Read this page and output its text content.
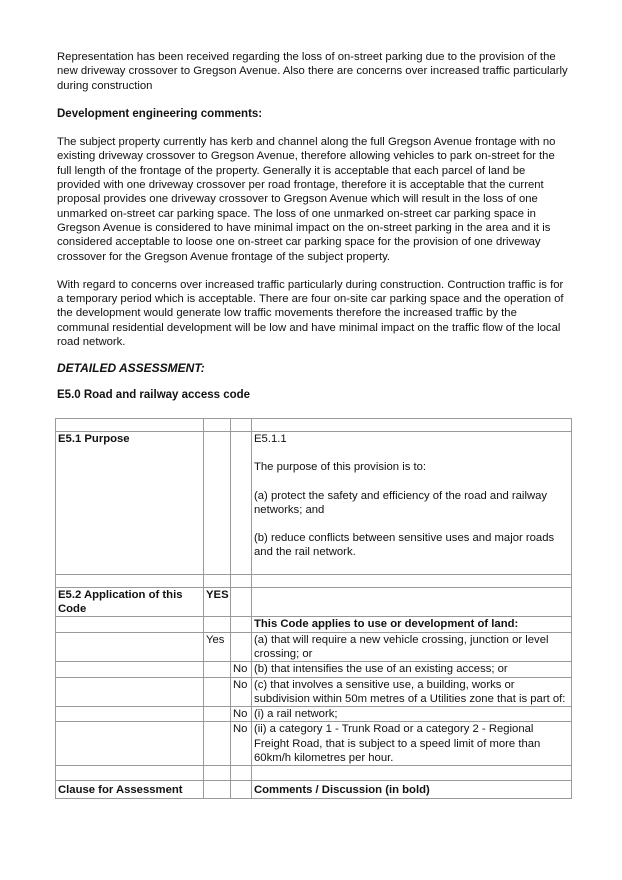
Representation has been received regarding the loss of on-street parking due to the provision of the new driveway crossover to Gregson Avenue. Also there are concerns over increased traffic particularly during construction

Development engineering comments:

The subject property currently has kerb and channel along the full Gregson Avenue frontage with no existing driveway crossover to Gregson Avenue, therefore allowing vehicles to park on-street for the full length of the frontage of the property. Generally it is acceptable that each parcel of land be provided with one driveway crossover per road frontage, therefore it is acceptable that the current proposal provides one driveway crossover to Gregson Avenue which will result in the loss of one unmarked on-street car parking space. The loss of one unmarked on-street car parking space in Gregson Avenue is considered to have minimal impact on the on-street parking in the area and it is considered acceptable to loose one on-street car parking space for the provision of one driveway crossover for the Gregson Avenue frontage of the subject property.

With regard to concerns over increased traffic particularly during construction. Contruction traffic is for a temporary period which is acceptable. There are four on-site car parking space and the operation of the development would generate low traffic movements therefore the increased traffic by the communal residential development will be low and have minimal impact on the traffic flow of the local road network.

DETAILED ASSESSMENT:

E5.0 Road and railway access code

E5.1 Purpose			E5.1.1
The purpose of this provision is to:
(a) protect the safety and efficiency of the road and railway networks; and
(b) reduce conflicts between sensitive uses and major roads and the rail network.

E5.2 Application of this Code	YES		
			This Code applies to use or development of land:
	Yes		(a) that will require a new vehicle crossing, junction or level crossing; or
		No	(b) that intensifies the use of an existing access; or
		No	(c) that involves a sensitive use, a building, works or subdivision within 50m metres of a Utilities zone that is part of:
		No	(i) a rail network;
		No	(ii) a category 1 - Trunk Road or a category 2 - Regional Freight Road, that is subject to a speed limit of more than 60km/h kilometres per hour.

Clause for Assessment			Comments / Discussion (in bold)
